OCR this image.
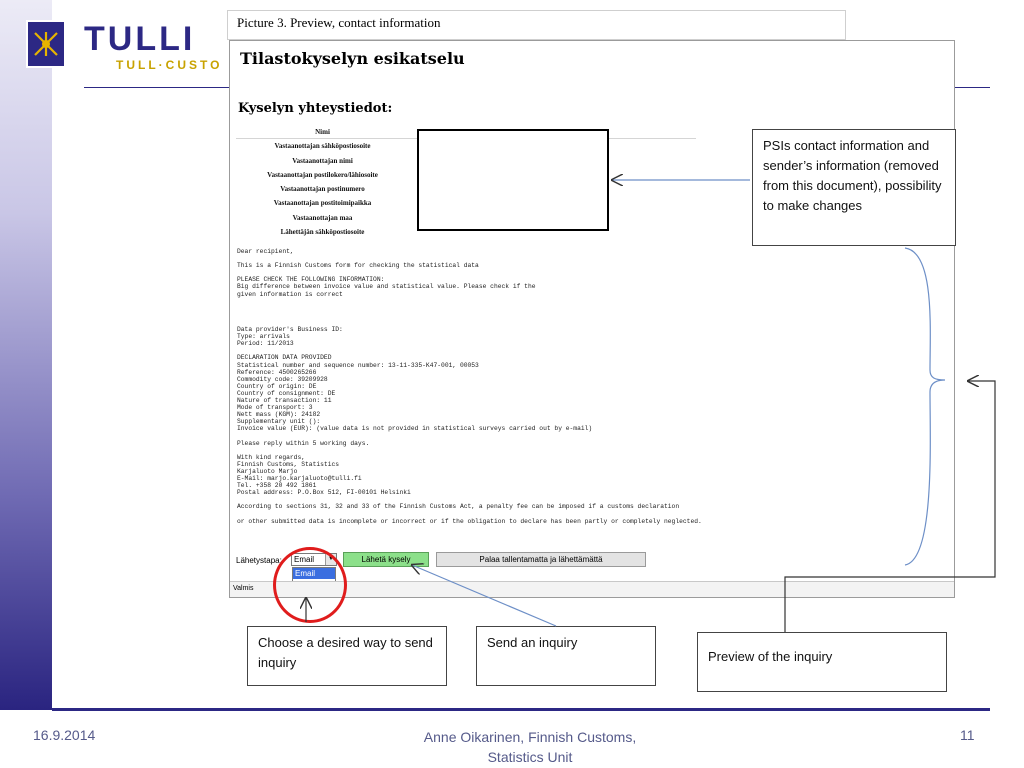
TULLI
TULL·CUSTO
Picture 3. Preview, contact information
Tilastokyselyn esikatselu
Kyselyn yhteystiedot:
Nimi
Vastaanottajan sähköpostiosoite
Vastaanottajan nimi
Vastaanottajan postilokero/lähiosoite
Vastaanottajan postinumero
Vastaanottajan postitoimipaikka
Vastaanottajan maa
Lähettäjän sähköpostiosoite
Dear recipient,

This is a Finnish Customs form for checking the statistical data

PLEASE CHECK THE FOLLOWING INFORMATION:
Big difference between invoice value and statistical value. Please check if the
given information is correct

Data provider's Business ID:
Type: arrivals
Period: 11/2013

DECLARATION DATA PROVIDED
Statistical number and sequence number: 13-11-335-K47-001, 00053
Reference: 4500265266
Commodity code: 39209928
Country of origin: DE
Country of consignment: DE
Nature of transaction: 11
Mode of transport: 3
Nett mass (KGM): 24182
Supplementary unit ():
Invoice value (EUR): (value data is not provided in statistical surveys carried out by e-mail)

Please reply within 5 working days.

With kind regards,
Finnish Customs, Statistics
Karjaluoto Marjo
E-Mail: marjo.karjaluoto@tulli.fi
Tel. +358 20 492 1861
Postal address: P.O.Box 512, FI-00101 Helsinki

According to sections 31, 32 and 33 of the Finnish Customs Act, a penalty fee can be imposed if a customs declaration

or other submitted data is incomplete or incorrect or if the obligation to declare has been partly or completely neglected.
Lähetystapa:	Email	▼
Email
Lähetä kysely	Palaa tallentamatta ja lähettämättä
Valmis
PSIs contact information and sender’s information (removed from this document), possibility to make changes
Choose a desired way to send inquiry
Send an inquiry
Preview of the inquiry
16.9.2014	Anne Oikarinen, Finnish Customs,
Statistics Unit
11
